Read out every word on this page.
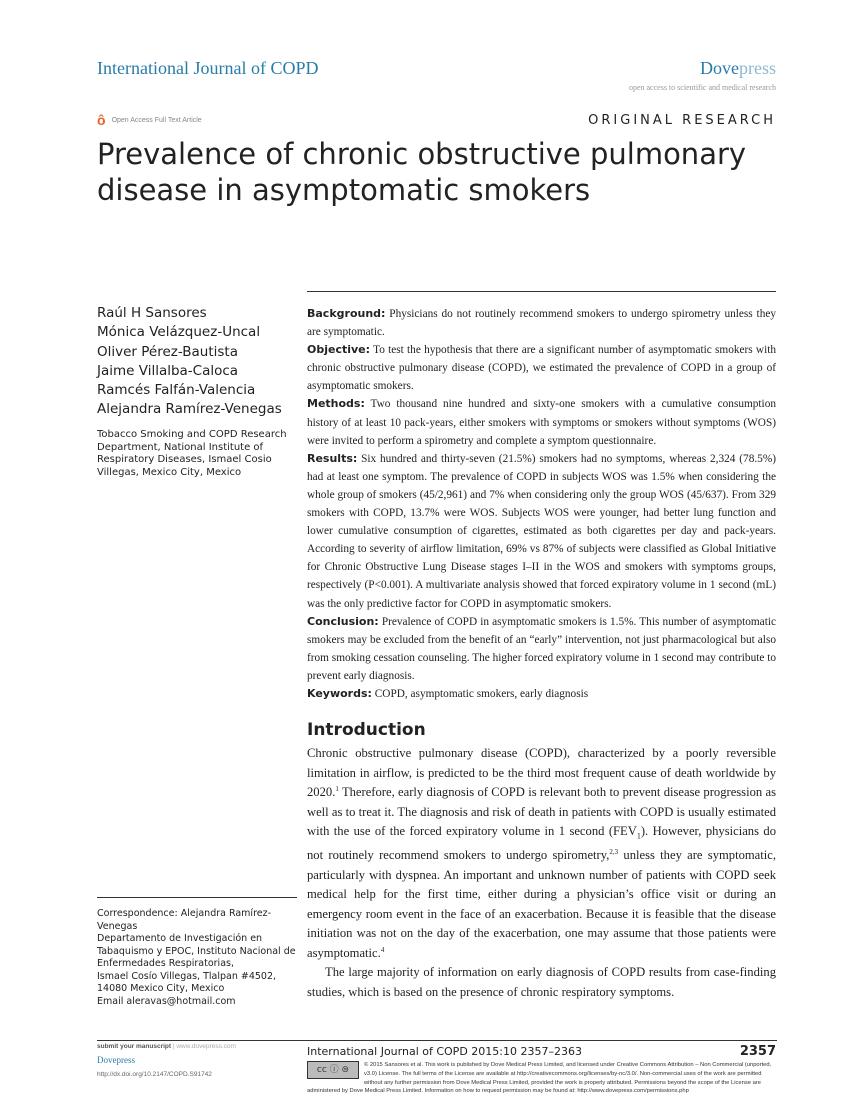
International Journal of COPD	Dovepress
open access to scientific and medical research
ô Open Access Full Text Article	ORIGINAL RESEARCH
Prevalence of chronic obstructive pulmonary disease in asymptomatic smokers
Raúl H Sansores
Mónica Velázquez-Uncal
Oliver Pérez-Bautista
Jaime Villalba-Caloca
Ramcés Falfán-Valencia
Alejandra Ramírez-Venegas
Tobacco Smoking and COPD Research Department, National Institute of Respiratory Diseases, Ismael Cosio Villegas, Mexico City, Mexico
Correspondence: Alejandra Ramírez-Venegas
Departamento de Investigación en Tabaquismo y EPOC, Instituto Nacional de Enfermedades Respiratorias,
Ismael Cosío Villegas, Tlalpan #4502, 14080 Mexico City, Mexico
Email aleravas@hotmail.com
Background: Physicians do not routinely recommend smokers to undergo spirometry unless they are symptomatic.
Objective: To test the hypothesis that there are a significant number of asymptomatic smokers with chronic obstructive pulmonary disease (COPD), we estimated the prevalence of COPD in a group of asymptomatic smokers.
Methods: Two thousand nine hundred and sixty-one smokers with a cumulative consumption history of at least 10 pack-years, either smokers with symptoms or smokers without symptoms (WOS) were invited to perform a spirometry and complete a symptom questionnaire.
Results: Six hundred and thirty-seven (21.5%) smokers had no symptoms, whereas 2,324 (78.5%) had at least one symptom. The prevalence of COPD in subjects WOS was 1.5% when considering the whole group of smokers (45/2,961) and 7% when considering only the group WOS (45/637). From 329 smokers with COPD, 13.7% were WOS. Subjects WOS were younger, had better lung function and lower cumulative consumption of cigarettes, estimated as both cigarettes per day and pack-years. According to severity of airflow limitation, 69% vs 87% of subjects were classified as Global Initiative for Chronic Obstructive Lung Disease stages I–II in the WOS and smokers with symptoms groups, respectively (P<0.001). A multivariate analysis showed that forced expiratory volume in 1 second (mL) was the only predictive factor for COPD in asymptomatic smokers.
Conclusion: Prevalence of COPD in asymptomatic smokers is 1.5%. This number of asymptomatic smokers may be excluded from the benefit of an “early” intervention, not just pharmacological but also from smoking cessation counseling. The higher forced expiratory volume in 1 second may contribute to prevent early diagnosis.
Keywords: COPD, asymptomatic smokers, early diagnosis
Introduction

Chronic obstructive pulmonary disease (COPD), characterized by a poorly reversible limitation in airflow, is predicted to be the third most frequent cause of death worldwide by 2020.$^1$ Therefore, early diagnosis of COPD is relevant both to prevent disease progression as well as to treat it. The diagnosis and risk of death in patients with COPD is usually estimated with the use of the forced expiratory volume in 1 second $(FEV_1)$. However, physicians do not routinely recommend smokers to undergo spirometry,$^{2,3}$ unless they are symptomatic, particularly with dyspnea. An important and unknown number of patients with COPD seek medical help for the first time, either during a physician’s office visit or during an emergency room event in the face of an exacerbation. Because it is feasible that the disease initiation was not on the day of the exacerbation, one may assume that those patients were asymptomatic.$^4$

The large majority of information on early diagnosis of COPD results from case-finding studies, which is based on the presence of chronic respiratory symptoms.

International Journal of COPD 2015:10 2357–2363	2357
cc ⓘ ⊜	© 2015 Sansores et al. This work is published by Dove Medical Press Limited, and licensed under Creative Commons Attribution – Non Commercial (unported, v3.0) License. The full terms of the License are available at http://creativecommons.org/licenses/by-nc/3.0/. Non-commercial uses of the work are permitted without any further permission from Dove Medical Press Limited, provided the work is properly attributed. Permissions beyond the scope of the License are administered by Dove Medical Press Limited. Information on how to request permission may be found at: http://www.dovepress.com/permissions.php
submit your manuscript | www.dovepress.com
Dovepress
http://dx.doi.org/10.2147/COPD.S91742
